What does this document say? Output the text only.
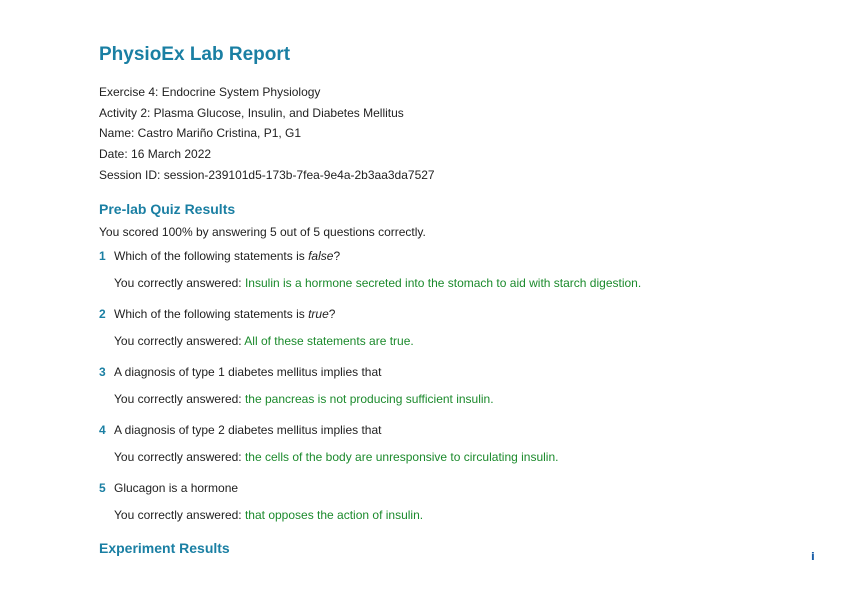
PhysioEx Lab Report

Exercise 4: Endocrine System Physiology

Activity 2: Plasma Glucose, Insulin, and Diabetes Mellitus

Name: Castro Mariño Cristina, P1, G1

Date: 16 March 2022

Session ID: session-239101d5-173b-7fea-9e4a-2b3aa3da7527

Pre-lab Quiz Results

You scored 100% by answering 5 out of 5 questions correctly.

1 Which of the following statements is false?
You correctly answered: Insulin is a hormone secreted into the stomach to aid with starch digestion.
2 Which of the following statements is true?
You correctly answered: All of these statements are true.
3 A diagnosis of type 1 diabetes mellitus implies that
You correctly answered: the pancreas is not producing sufficient insulin.
4 A diagnosis of type 2 diabetes mellitus implies that
You correctly answered: the cells of the body are unresponsive to circulating insulin.
5 Glucagon is a hormone
You correctly answered: that opposes the action of insulin.
Experiment Results
i
